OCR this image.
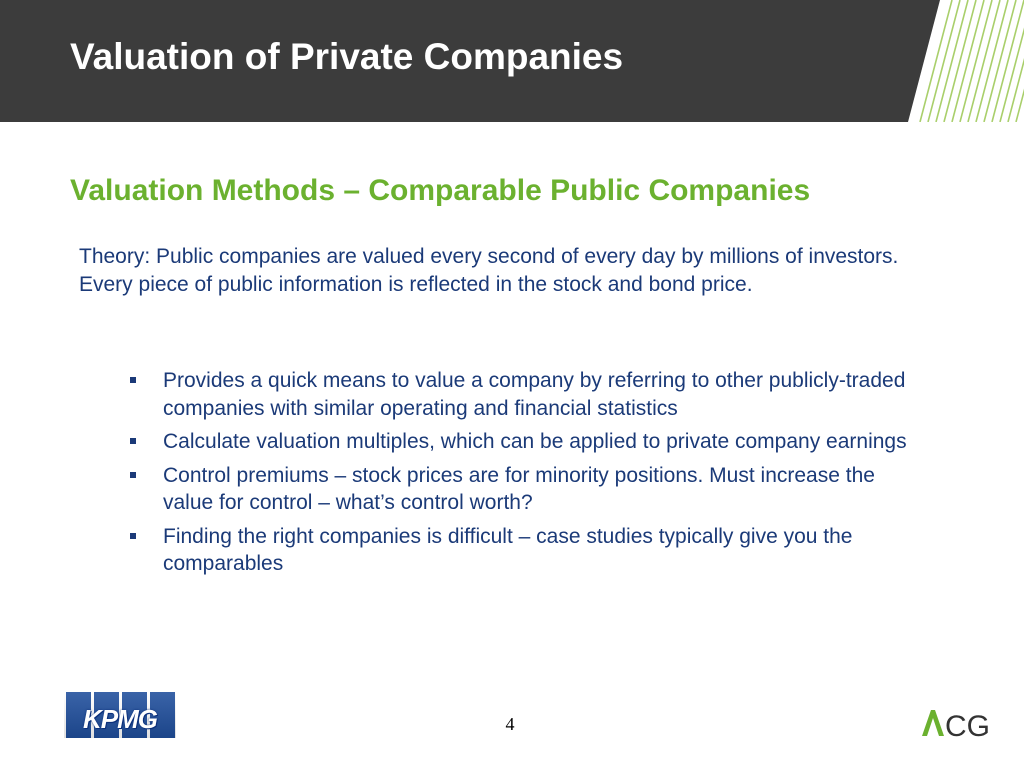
Valuation of Private Companies
Valuation Methods – Comparable Public Companies

Theory: Public companies are valued every second of every day by millions of investors. Every piece of public information is reflected in the stock and bond price.

Provides a quick means to value a company by referring to other publicly-traded companies with similar operating and financial statistics
Calculate valuation multiples, which can be applied to private company earnings
Control premiums – stock prices are for minority positions. Must increase the value for control – what’s control worth?
Finding the right companies is difficult – case studies typically give you the comparables
KPMG	4	CG
